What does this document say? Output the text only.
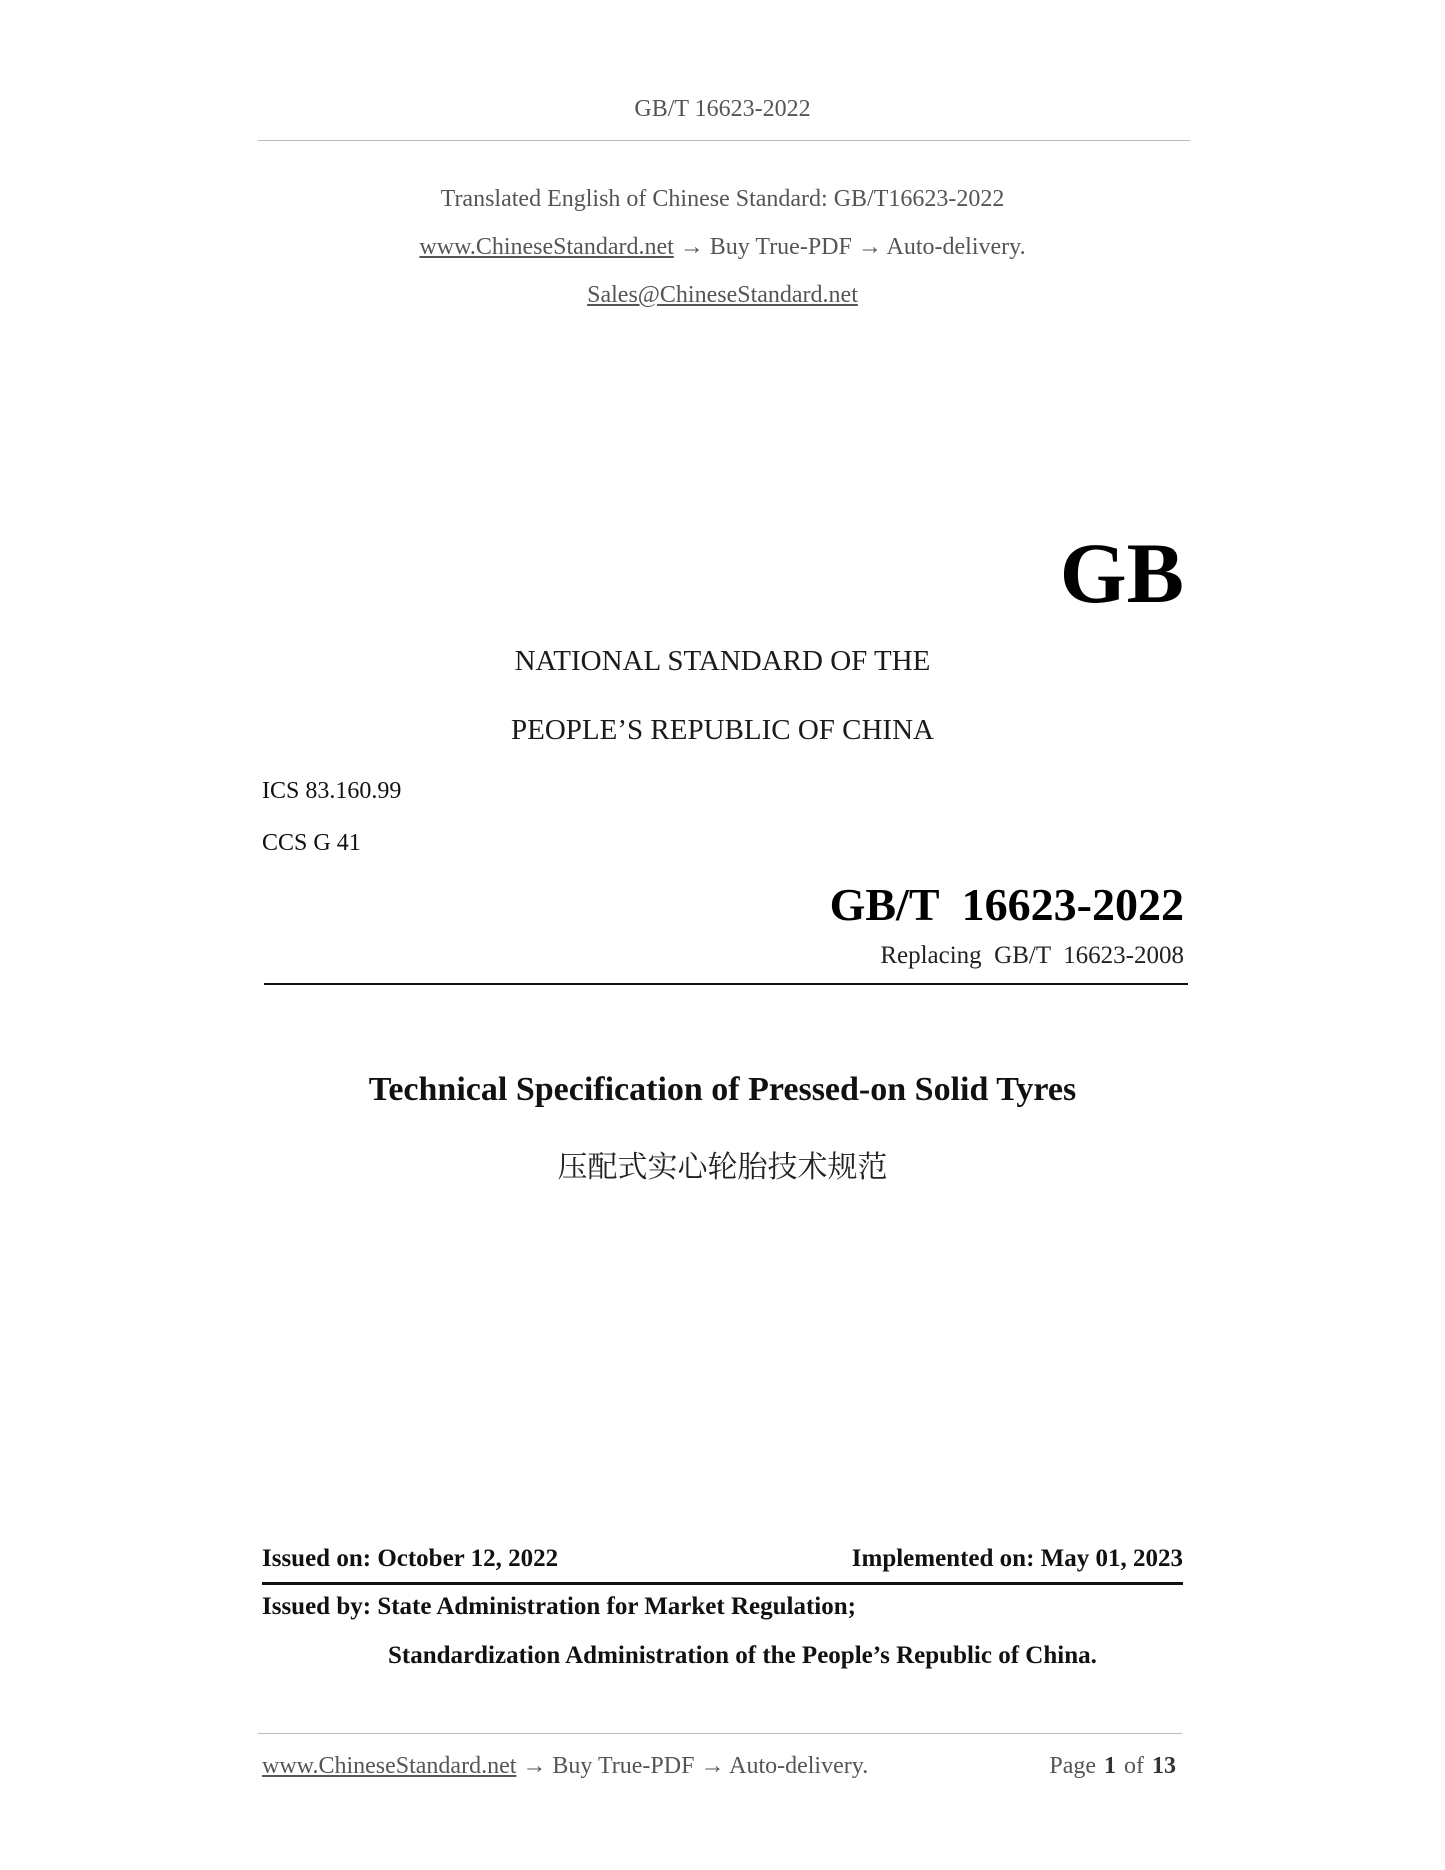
GB/T 16623-2022
Translated English of Chinese Standard: GB/T16623-2022
www.ChineseStandard.net → Buy True-PDF → Auto-delivery.
Sales@ChineseStandard.net
GB
NATIONAL STANDARD OF THE
PEOPLE’S REPUBLIC OF CHINA
ICS 83.160.99
CCS G 41
GB/T  16623-2022
Replacing  GB/T  16623-2008
Technical Specification of Pressed-on Solid Tyres
压配式实心轮胎技术规范
Issued on: October 12, 2022	Implemented on: May 01, 2023
Issued by: State Administration for Market Regulation;
Standardization Administration of the People’s Republic of China.
www.ChineseStandard.net → Buy True-PDF → Auto-delivery.	Page 1 of 13
